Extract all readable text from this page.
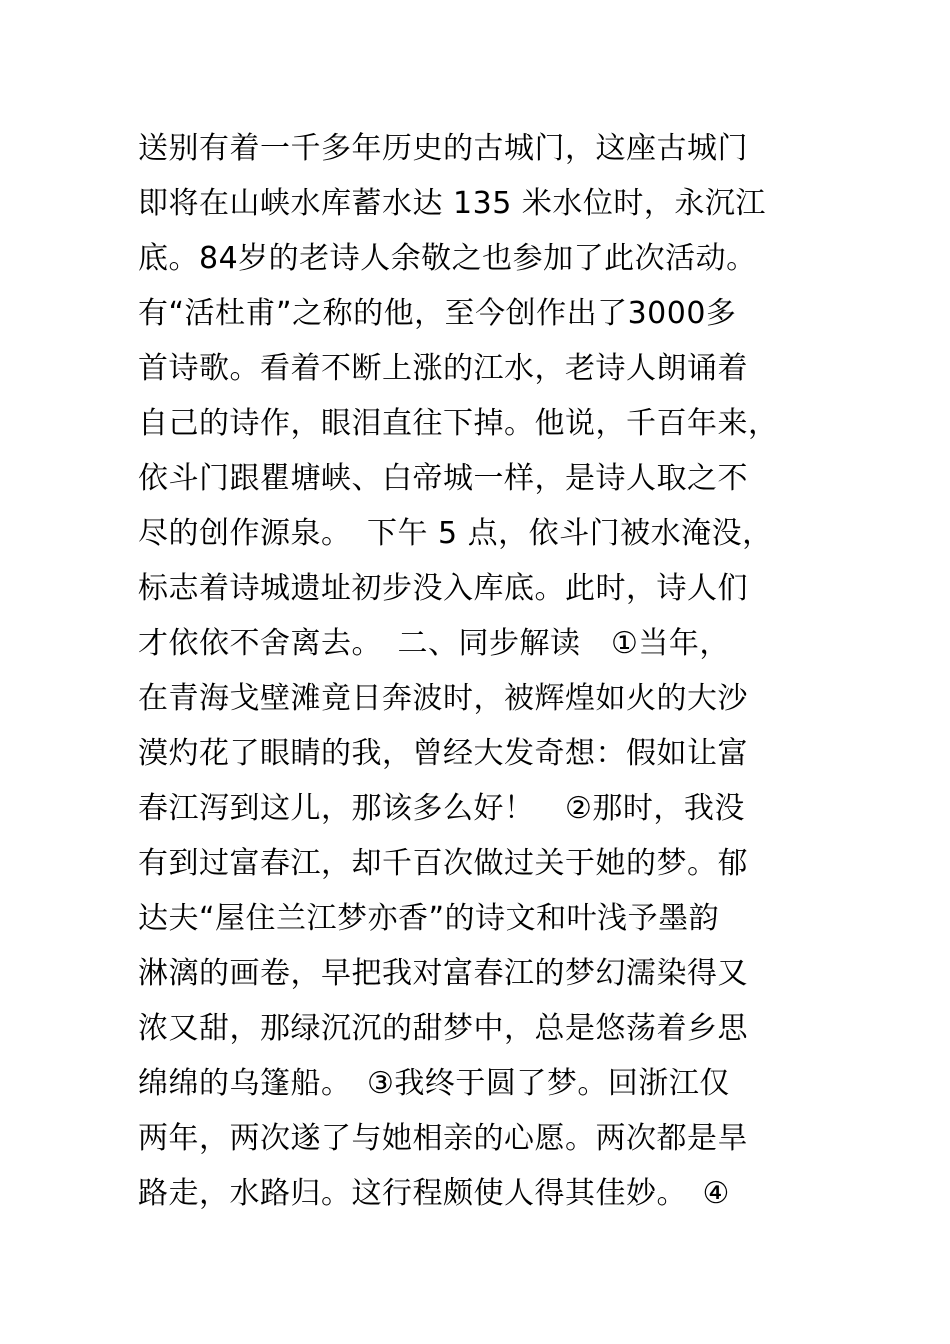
送别有着一千多年历史的古城门，这座古城门
即将在山峡水库蓄水达 135 米水位时，永沉江
底。84岁的老诗人余敬之也参加了此次活动。
有“活杜甫”之称的他，至今创作出了3000多
首诗歌。看着不断上涨的江水，老诗人朗诵着
自己的诗作，眼泪直往下掉。他说，千百年来，
依斗门跟瞿塘峡、白帝城一样，是诗人取之不
尽的创作源泉。　下午 5 点，依斗门被水淹没，
标志着诗城遗址初步没入库底。此时，诗人们
才依依不舍离去。　二、同步解读　①当年，
在青海戈壁滩竟日奔波时，被辉煌如火的大沙
漠灼花了眼睛的我，曾经大发奇想：假如让富
春江泻到这儿，那该多么好！　②那时，我没
有到过富春江，却千百次做过关于她的梦。郁
达夫“屋住兰江梦亦香”的诗文和叶浅予墨韵
淋漓的画卷，早把我对富春江的梦幻濡染得又
浓又甜，那绿沉沉的甜梦中，总是悠荡着乡思
绵绵的乌篷船。　③我终于圆了梦。回浙江仅
两年，两次遂了与她相亲的心愿。两次都是旱
路走，水路归。这行程颇使人得其佳妙。　④
